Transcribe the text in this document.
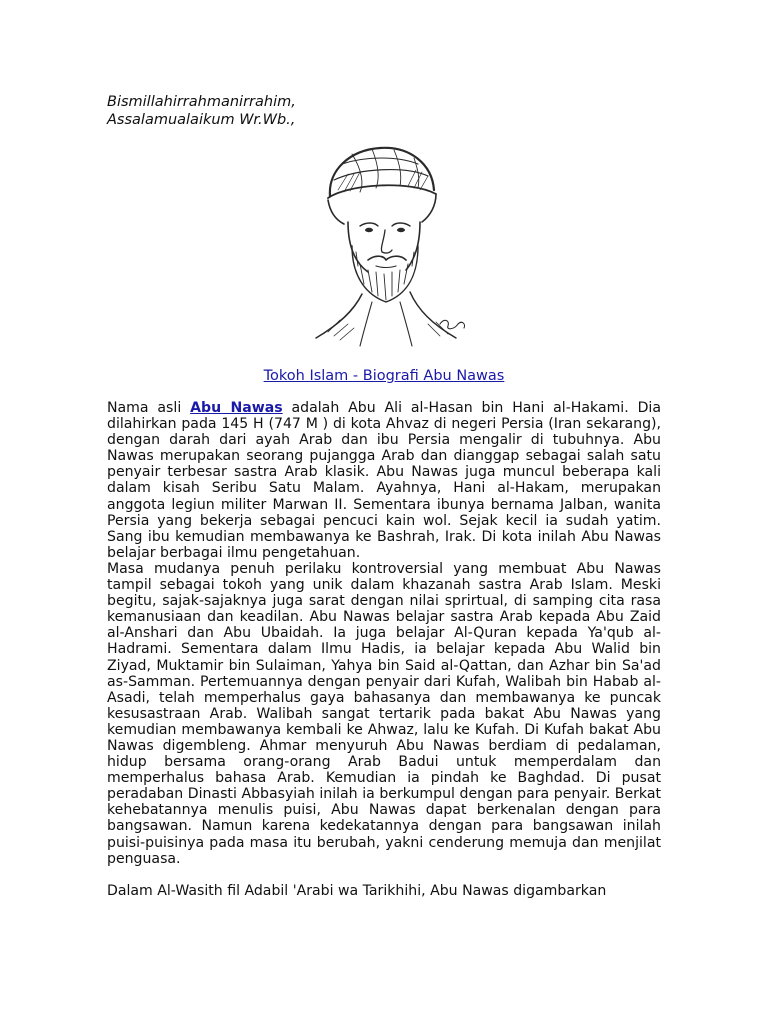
Bismillahirrahmanirrahim,
Assalamualaikum Wr.Wb.,
Tokoh Islam - Biografi Abu Nawas

Nama asli Abu Nawas adalah Abu Ali al-Hasan bin Hani al-Hakami. Dia dilahirkan pada 145 H (747 M ) di kota Ahvaz di negeri Persia (Iran sekarang), dengan darah dari ayah Arab dan ibu Persia mengalir di tubuhnya. Abu Nawas merupakan seorang pujangga Arab dan dianggap sebagai salah satu penyair terbesar sastra Arab klasik. Abu Nawas juga muncul beberapa kali dalam kisah Seribu Satu Malam. Ayahnya, Hani al-Hakam, merupakan anggota legiun militer Marwan II. Sementara ibunya bernama Jalban, wanita Persia yang bekerja sebagai pencuci kain wol. Sejak kecil ia sudah yatim. Sang ibu kemudian membawanya ke Bashrah, Irak. Di kota inilah Abu Nawas belajar berbagai ilmu pengetahuan.

Masa mudanya penuh perilaku kontroversial yang membuat Abu Nawas tampil sebagai tokoh yang unik dalam khazanah sastra Arab Islam. Meski begitu, sajak-sajaknya juga sarat dengan nilai sprirtual, di samping cita rasa kemanusiaan dan keadilan. Abu Nawas belajar sastra Arab kepada Abu Zaid al-Anshari dan Abu Ubaidah. Ia juga belajar Al-Quran kepada Ya'qub al-Hadrami. Sementara dalam Ilmu Hadis, ia belajar kepada Abu Walid bin Ziyad, Muktamir bin Sulaiman, Yahya bin Said al-Qattan, dan Azhar bin Sa'ad as-Samman. Pertemuannya dengan penyair dari Kufah, Walibah bin Habab al-Asadi, telah memperhalus gaya bahasanya dan membawanya ke puncak kesusastraan Arab. Walibah sangat tertarik pada bakat Abu Nawas yang kemudian membawanya kembali ke Ahwaz, lalu ke Kufah. Di Kufah bakat Abu Nawas digembleng. Ahmar menyuruh Abu Nawas berdiam di pedalaman, hidup bersama orang-orang Arab Badui untuk memperdalam dan memperhalus bahasa Arab. Kemudian ia pindah ke Baghdad. Di pusat peradaban Dinasti Abbasyiah inilah ia berkumpul dengan para penyair. Berkat kehebatannya menulis puisi, Abu Nawas dapat berkenalan dengan para bangsawan. Namun karena kedekatannya dengan para bangsawan inilah puisi-puisinya pada masa itu berubah, yakni cenderung memuja dan menjilat penguasa.

Dalam Al-Wasith fil Adabil 'Arabi wa Tarikhihi, Abu Nawas digambarkan
